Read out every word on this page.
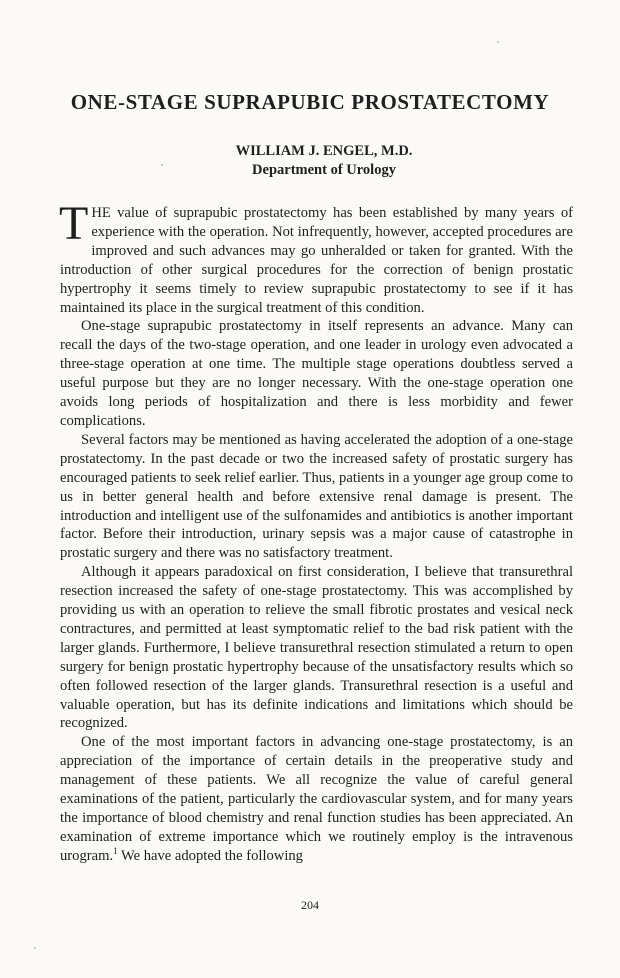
ONE-STAGE SUPRAPUBIC PROSTATECTOMY

WILLIAM J. ENGEL, M.D.

Department of Urology

THE value of suprapubic prostatectomy has been established by many years of experience with the operation. Not infrequently, however, accepted procedures are improved and such advances may go unheralded or taken for granted. With the introduction of other surgical procedures for the correction of benign prostatic hypertrophy it seems timely to review suprapubic prostatectomy to see if it has maintained its place in the surgical treatment of this condition.

One-stage suprapubic prostatectomy in itself represents an advance. Many can recall the days of the two-stage operation, and one leader in urology even advocated a three-stage operation at one time. The multiple stage operations doubtless served a useful purpose but they are no longer necessary. With the one-stage operation one avoids long periods of hospitalization and there is less morbidity and fewer complications.

Several factors may be mentioned as having accelerated the adoption of a one-stage prostatectomy. In the past decade or two the increased safety of prostatic surgery has encouraged patients to seek relief earlier. Thus, patients in a younger age group come to us in better general health and before extensive renal damage is present. The introduction and intelligent use of the sulfonamides and antibiotics is another important factor. Before their introduction, urinary sepsis was a major cause of catastrophe in prostatic surgery and there was no satisfactory treatment.

Although it appears paradoxical on first consideration, I believe that transurethral resection increased the safety of one-stage prostatectomy. This was accomplished by providing us with an operation to relieve the small fibrotic prostates and vesical neck contractures, and permitted at least symptomatic relief to the bad risk patient with the larger glands. Furthermore, I believe transurethral resection stimulated a return to open surgery for benign prostatic hypertrophy because of the unsatisfactory results which so often followed resection of the larger glands. Transurethral resection is a useful and valuable operation, but has its definite indications and limitations which should be recognized.

One of the most important factors in advancing one-stage prostatectomy, is an appreciation of the importance of certain details in the preoperative study and management of these patients. We all recognize the value of careful general examinations of the patient, particularly the cardiovascular system, and for many years the importance of blood chemistry and renal function studies has been appreciated. An examination of extreme importance which we routinely employ is the intravenous urogram.$^1$ We have adopted the following

204
